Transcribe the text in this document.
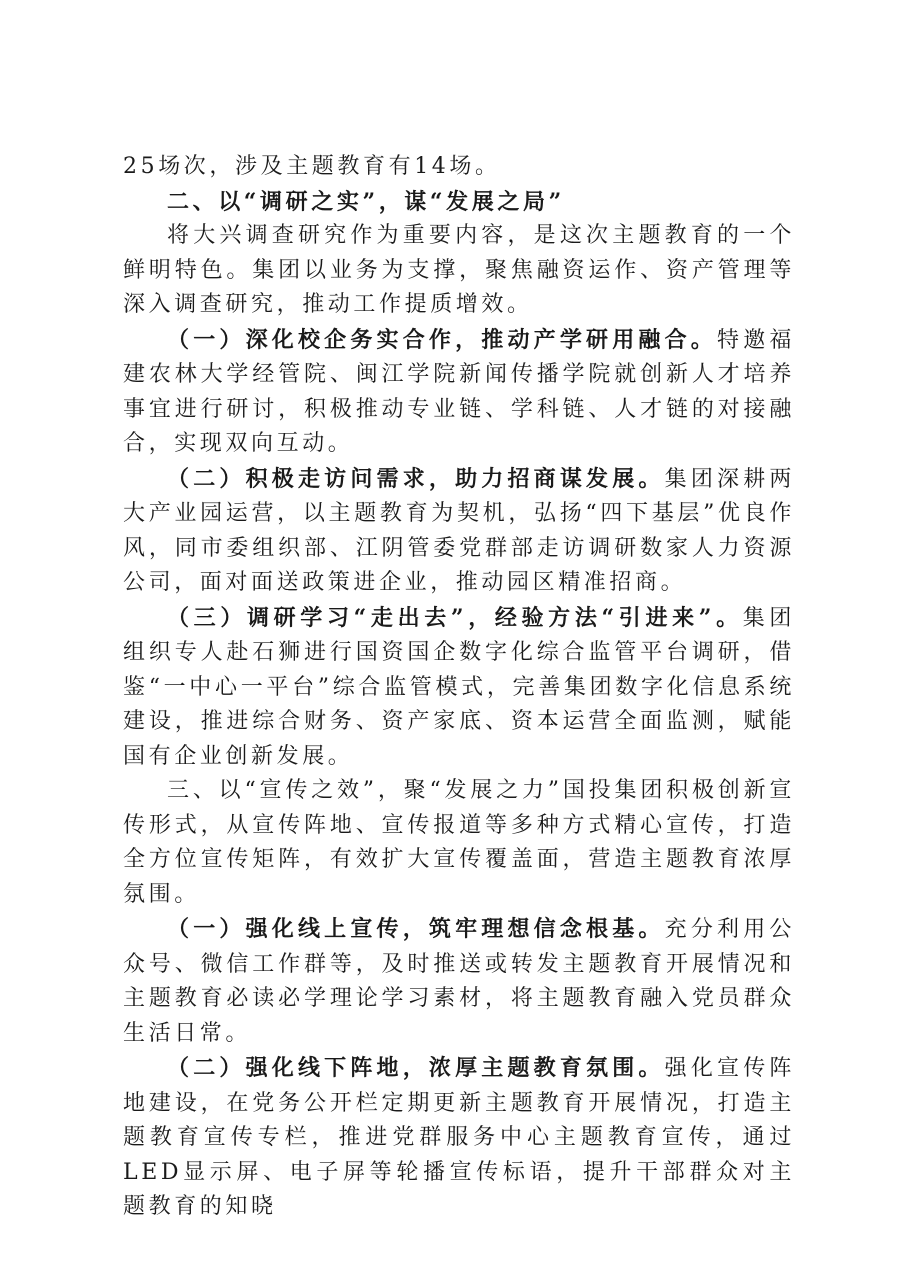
25场次，涉及主题教育有14场。

二、以“调研之实”，谋“发展之局”

将大兴调查研究作为重要内容，是这次主题教育的一个鲜明特色。集团以业务为支撑，聚焦融资运作、资产管理等深入调查研究，推动工作提质增效。

（一）深化校企务实合作，推动产学研用融合。特邀福建农林大学经管院、闽江学院新闻传播学院就创新人才培养事宜进行研讨，积极推动专业链、学科链、人才链的对接融合，实现双向互动。

（二）积极走访问需求，助力招商谋发展。集团深耕两大产业园运营，以主题教育为契机，弘扬“四下基层”优良作风，同市委组织部、江阴管委党群部走访调研数家人力资源公司，面对面送政策进企业，推动园区精准招商。

（三）调研学习“走出去”，经验方法“引进来”。集团组织专人赴石狮进行国资国企数字化综合监管平台调研，借鉴“一中心一平台”综合监管模式，完善集团数字化信息系统建设，推进综合财务、资产家底、资本运营全面监测，赋能国有企业创新发展。

三、以“宣传之效”，聚“发展之力”国投集团积极创新宣传形式，从宣传阵地、宣传报道等多种方式精心宣传，打造全方位宣传矩阵，有效扩大宣传覆盖面，营造主题教育浓厚氛围。

（一）强化线上宣传，筑牢理想信念根基。充分利用公众号、微信工作群等，及时推送或转发主题教育开展情况和主题教育必读必学理论学习素材，将主题教育融入党员群众生活日常。

（二）强化线下阵地，浓厚主题教育氛围。强化宣传阵地建设，在党务公开栏定期更新主题教育开展情况，打造主题教育宣传专栏，推进党群服务中心主题教育宣传，通过LED显示屏、电子屏等轮播宣传标语，提升干部群众对主题教育的知晓
